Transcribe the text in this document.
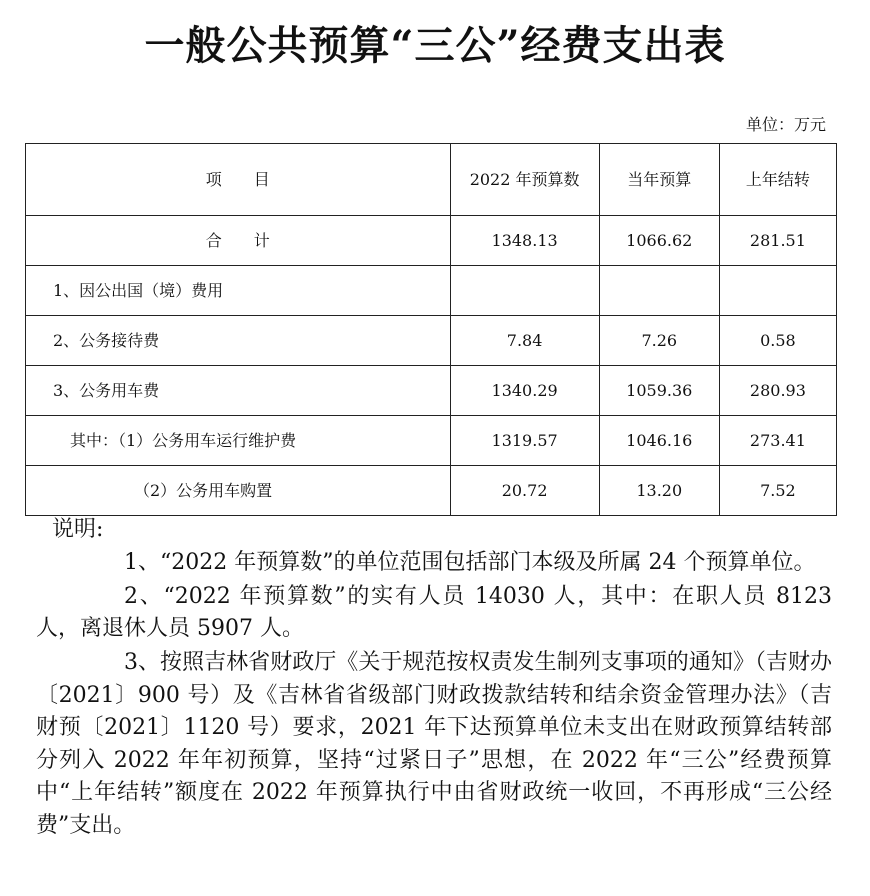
一般公共预算“三公”经费支出表
单位：万元
项　　目	2022 年预算数	当年预算	上年结转
合　　计	1348.13	1066.62	281.51
1、因公出国（境）费用			
2、公务接待费	7.84	7.26	0.58
3、公务用车费	1340.29	1059.36	280.93
其中：（1）公务用车运行维护费	1319.57	1046.16	273.41
（2）公务用车购置	20.72	13.20	7.52
说明:

1、“2022 年预算数”的单位范围包括部门本级及所属 24 个预算单位。

2、“2022 年预算数”的实有人员 14030 人，其中：在职人员 8123 人，离退休人员 5907 人。

3、按照吉林省财政厅《关于规范按权责发生制列支事项的通知》（吉财办〔2021〕900 号）及《吉林省省级部门财政拨款结转和结余资金管理办法》（吉财预〔2021〕1120 号）要求，2021 年下达预算单位未支出在财政预算结转部分列入 2022 年年初预算，坚持“过紧日子”思想，在 2022 年“三公”经费预算中“上年结转”额度在 2022 年预算执行中由省财政统一收回，不再形成“三公经费”支出。
